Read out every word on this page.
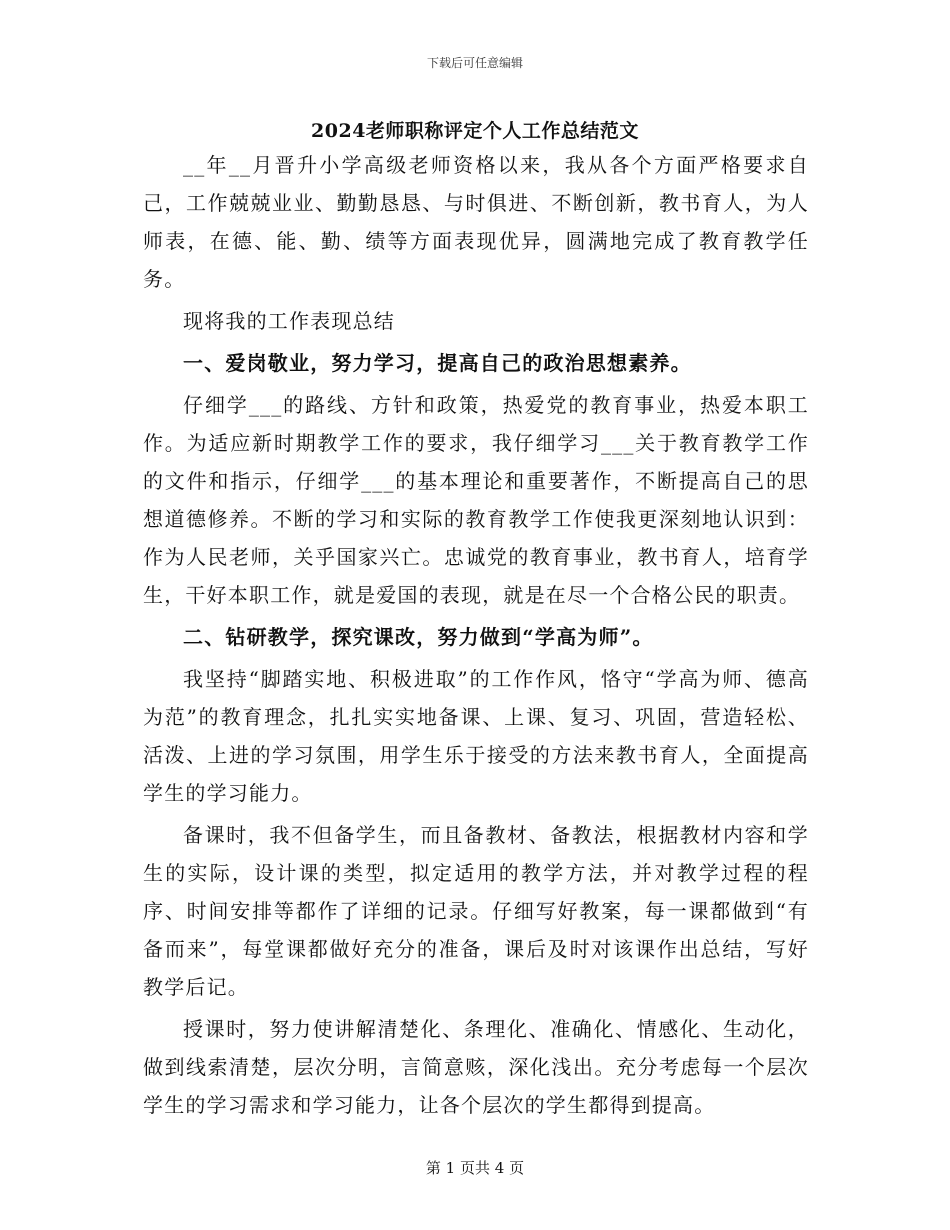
下载后可任意编辑
2024老师职称评定个人工作总结范文

__年__月晋升小学高级老师资格以来，我从各个方面严格要求自己，工作兢兢业业、勤勤恳恳、与时俱进、不断创新，教书育人，为人师表，在德、能、勤、绩等方面表现优异，圆满地完成了教育教学任务。

现将我的工作表现总结

一、爱岗敬业，努力学习，提高自己的政治思想素养。

仔细学___的路线、方针和政策，热爱党的教育事业，热爱本职工作。为适应新时期教学工作的要求，我仔细学习___关于教育教学工作的文件和指示，仔细学___的基本理论和重要著作，不断提高自己的思想道德修养。不断的学习和实际的教育教学工作使我更深刻地认识到：作为人民老师，关乎国家兴亡。忠诚党的教育事业，教书育人，培育学生，干好本职工作，就是爱国的表现，就是在尽一个合格公民的职责。

二、钻研教学，探究课改，努力做到“学高为师”。

我坚持“脚踏实地、积极进取”的工作作风，恪守“学高为师、德高为范”的教育理念，扎扎实实地备课、上课、复习、巩固，营造轻松、活泼、上进的学习氛围，用学生乐于接受的方法来教书育人，全面提高学生的学习能力。

备课时，我不但备学生，而且备教材、备教法，根据教材内容和学生的实际，设计课的类型，拟定适用的教学方法，并对教学过程的程序、时间安排等都作了详细的记录。仔细写好教案，每一课都做到“有备而来”，每堂课都做好充分的准备，课后及时对该课作出总结，写好教学后记。

授课时，努力使讲解清楚化、条理化、准确化、情感化、生动化，做到线索清楚，层次分明，言简意赅，深化浅出。充分考虑每一个层次学生的学习需求和学习能力，让各个层次的学生都得到提高。

第 1 页共 4 页
